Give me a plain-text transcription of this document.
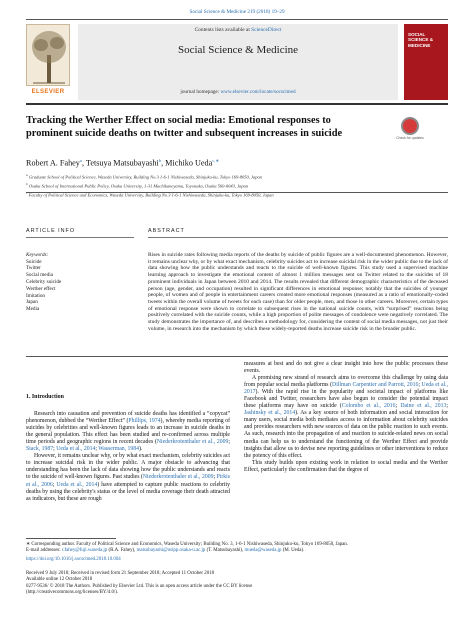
Social Science & Medicine 219 (2018) 19–29
ELSEVIER
Contents lists available at ScienceDirect
Social Science & Medicine
journal homepage: www.elsevier.com/locate/socscimed
SOCIAL SCIENCE & MEDICINE
Tracking the Werther Effect on social media: Emotional responses to prominent suicide deaths on twitter and subsequent increases in suicide	Check for updates
Robert A. Fahey$^a$, Tetsuya Matsubayashi$^b$, Michiko Ueda$^{c,∗}$
$^a$ Graduate School of Political Science, Waseda University, Building No.3 1-6-1 Nishiwaseda, Shinjuku-ku, Tokyo 169-8050, Japan
$^b$ Osaka School of International Public Policy, Osaka University, 1-31 Machikaneyama, Toyonaka, Osaka 560-0043, Japan
$^c$ Faculty of Political Science and Economics, Waseda University, Building No.3 1-6-1 Nishiwaseda, Shinjuku-ku, Tokyo 169-8050, Japan
ARTICLE INFO	ABSTRACT
Keywords:
Suicide
Twitter
Social media
Celebrity suicide
Werther effect
Imitation
Japan
Media
Rises in suicide rates following media reports of the deaths by suicide of public figures are a well-documented phenomenon. However, it remains unclear why, or by what exact mechanism, celebrity suicides act to increase suicidal risk in the wider public due to the lack of data showing how the public understands and reacts to the suicide of well-known figures. This study used a supervised machine learning approach to investigate the emotional content of almost 1 million messages sent on Twitter related to the suicides of 18 prominent individuals in Japan between 2010 and 2014. The results revealed that different demographic characteristics of the deceased person (age, gender, and occupation) resulted in significant differences in emotional response; notably that the suicides of younger people, of women and of people in entertainment careers created more emotional responses (measured as a ratio of emotionally-coded tweets within the overall volume of tweets for each case) than for older people, men, and those in other careers. Moreover, certain types of emotional response were shown to correlate to subsequent rises in the national suicide counts, with “surprised” reactions being positively correlated with the suicide counts, while a high proportion of polite messages of condolence were negatively correlated. The study demonstrates the importance of, and describes a methodology for, considering the content of social media messages, not just their volume, in research into the mechanism by which these widely-reported deaths increase suicide risk in the broader public.

1. Introduction

Research into causation and prevention of suicide deaths has identified a “copycat” phenomenon, dubbed the “Werther Effect” (Phillips, 1974), whereby media reporting of suicides by celebrities and well-known figures leads to an increase in suicide deaths in the general population. This effect has been studied and re-confirmed across multiple time periods and geographic regions in recent decades (Niederkrotenthaler et al., 2009; Stack, 1987; Ueda et al., 2014; Wasserman, 1984).

However, it remains unclear why, or by what exact mechanism, celebrity suicides act to increase suicidal risk in the wider public. A major obstacle to advancing that understanding has been the lack of data showing how the public understands and reacts to the suicide of well-known figures. Past studies (Niederkrotenthaler et al., 2009; Pirkis et al., 2006; Ueda et al., 2014) have attempted to capture public reactions to celebrity deaths by using the celebrity's status or the level of media coverage their death attracted as indicators, but these are rough

measures at best and do not give a clear insight into how the public processes these events.

A promising new strand of research aims to overcome this challenge by using data from popular social media platforms (Dillman Carpentier and Parrott, 2016; Ueda et al., 2017). With the rapid rise in the popularity and societal impact of platforms like Facebook and Twitter, researchers have also begun to consider the potential impact these platforms may have on suicide (Colombo et al., 2016; Daine et al., 2013; Jashinsky et al., 2014). As a key source of both information and social interaction for many users, social media both mediates access to information about celebrity suicides and provides researchers with new sources of data on the public reaction to such events. As such, research into the propagation of and reaction to suicide-related news on social media can help us to understand the functioning of the Werther Effect and provide insights that allow us to devise new reporting guidelines or other interventions to reduce the potency of this effect.

This study builds upon existing work in relation to social media and the Werther Effect, particularly the confirmation that the degree of

∗ Corresponding author. Faculty of Political Science and Economics, Waseda University; Building No. 3, 1-6-1 Nishiwaseda, Shinjuku-ku, Tokyo 169-8050, Japan.
E-mail addresses: r.fahey@fuji.waseda.jp (R.A. Fahey), matsubayashi@osipp.osaka-u.ac.jp (T. Matsubayashi), mueda@waseda.jp (M. Ueda).
https://doi.org/10.1016/j.socscimed.2018.10.004
Received 9 July 2018; Received in revised form 21 September 2018; Accepted 11 October 2018
Available online 12 October 2018
0277-9536/ © 2018 The Authors. Published by Elsevier Ltd. This is an open access article under the CC BY license
(http://creativecommons.org/licenses/BY/4.0/).
